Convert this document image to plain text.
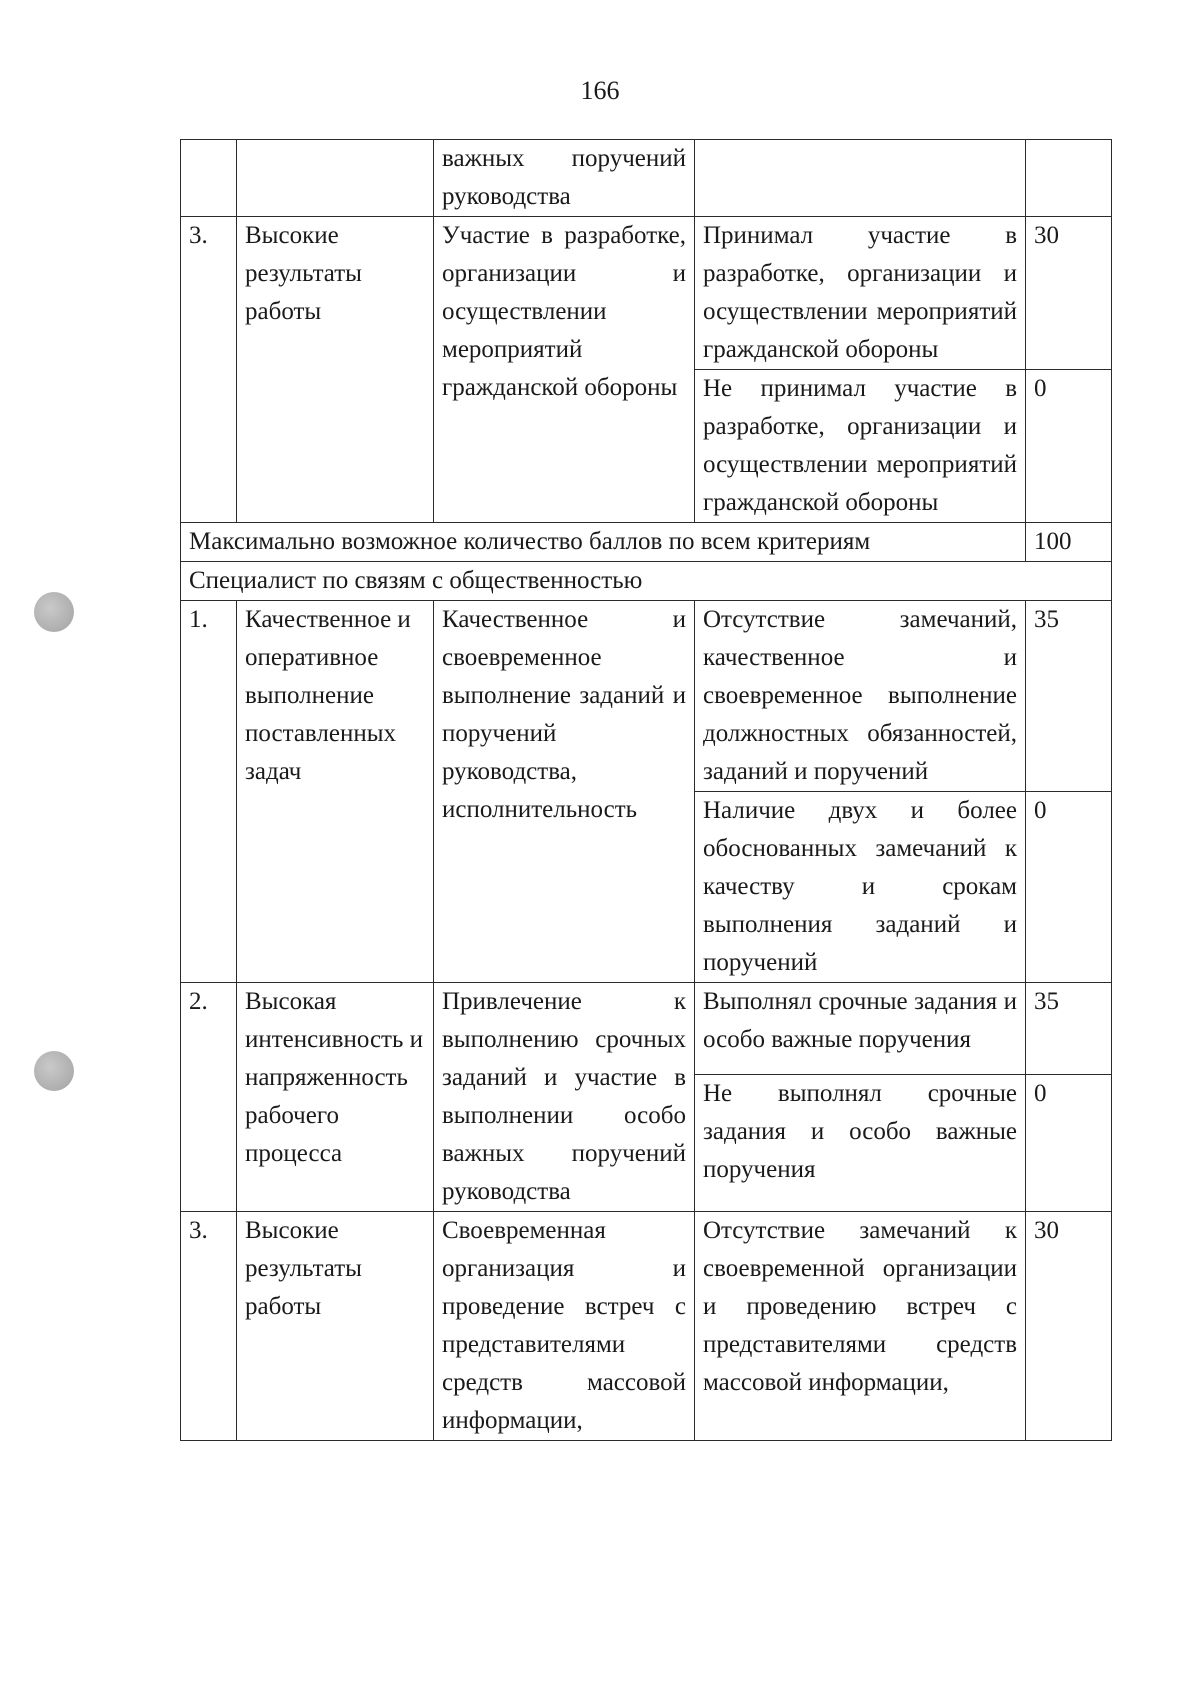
166
		важных поручений руководства		
3.	Высокие результаты работы	Участие в разработке, организации и осуществлении мероприятий гражданской обороны	Принимал участие в разработке, организации и осуществлении мероприятий гражданской обороны	30
			Не принимал участие в разработке, организации и осуществлении мероприятий гражданской обороны	0
Максимально возможное количество баллов по всем критериям				100
Специалист по связям с общественностью				
1.	Качественное и оперативное выполнение поставленных задач	Качественное и своевременное выполнение заданий и поручений руководства, исполнительность	Отсутствие замечаний, качественное и своевременное выполнение должностных обязанностей, заданий и поручений	35
			Наличие двух и более обоснованных замечаний к качеству и срокам выполнения заданий и поручений	0
2.	Высокая интенсивность и напряженность рабочего процесса	Привлечение к выполнению срочных заданий и участие в выполнении особо важных поручений руководства	Выполнял срочные задания и особо важные поручения	35
			Не выполнял срочные задания и особо важные поручения	0
3.	Высокие результаты работы	Своевременная организация и проведение встреч с представителями средств массовой информации,	Отсутствие замечаний к своевременной организации и проведению встреч с представителями средств массовой информации,	30
